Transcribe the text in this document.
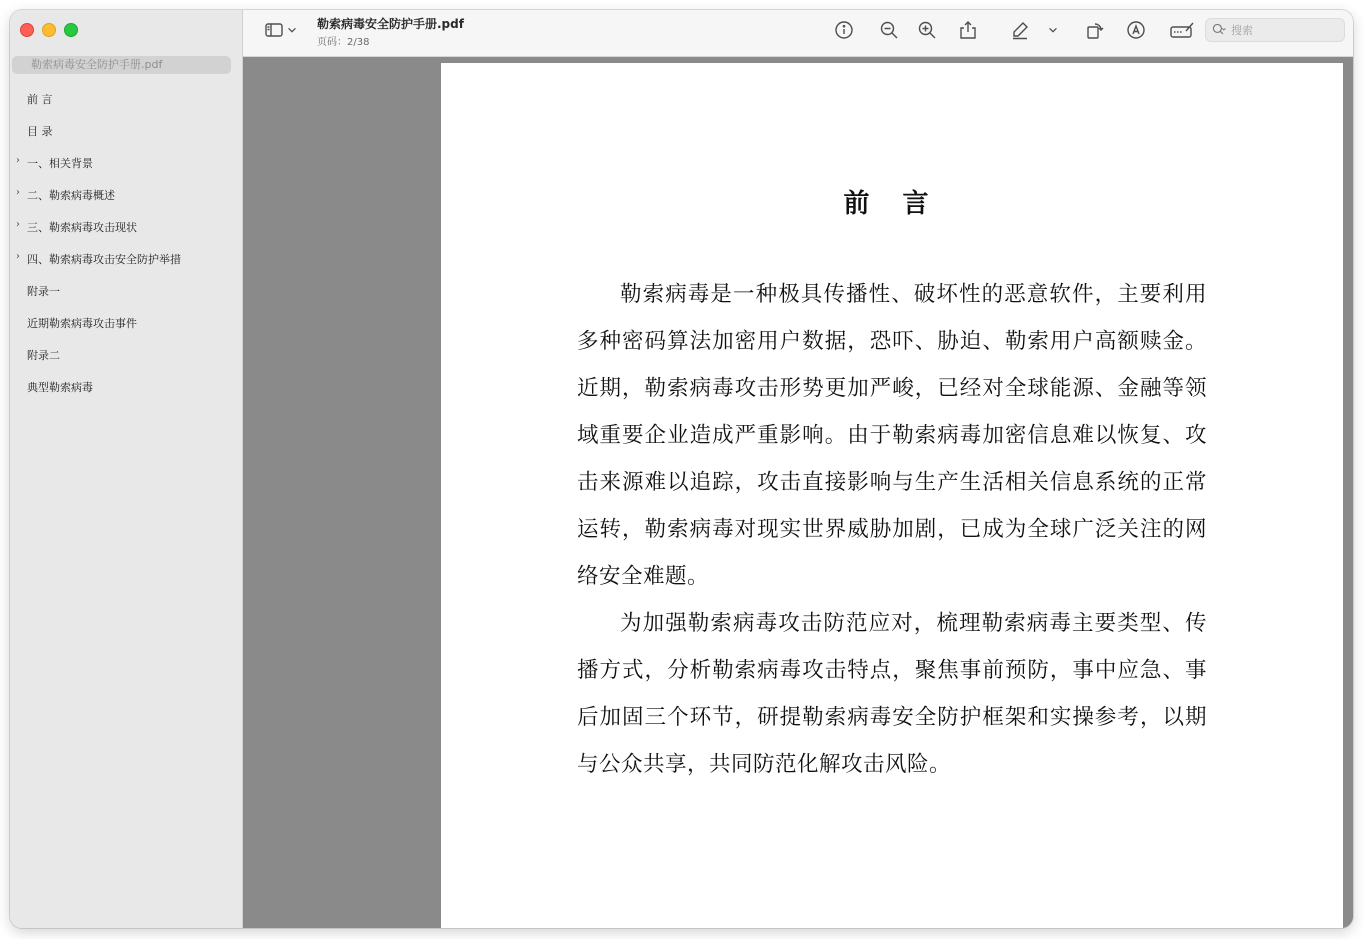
勒索病毒安全防护手册.pdf
前 言
目 录
› 一、相关背景
› 二、勒索病毒概述
› 三、勒索病毒攻击现状
› 四、勒索病毒攻击安全防护举措
附录一
近期勒索病毒攻击事件
附录二
典型勒索病毒
勒索病毒安全防护手册.pdf
页码：2/38
搜索
前 言

勒索病毒是一种极具传播性、破坏性的恶意软件，主要利用多种密码算法加密用户数据，恐吓、胁迫、勒索用户高额赎金。近期，勒索病毒攻击形势更加严峻，已经对全球能源、金融等领域重要企业造成严重影响。由于勒索病毒加密信息难以恢复、攻击来源难以追踪，攻击直接影响与生产生活相关信息系统的正常运转，勒索病毒对现实世界威胁加剧，已成为全球广泛关注的网络安全难题。

为加强勒索病毒攻击防范应对，梳理勒索病毒主要类型、传播方式，分析勒索病毒攻击特点，聚焦事前预防，事中应急、事后加固三个环节，研提勒索病毒安全防护框架和实操参考，以期与公众共享，共同防范化解攻击风险。
